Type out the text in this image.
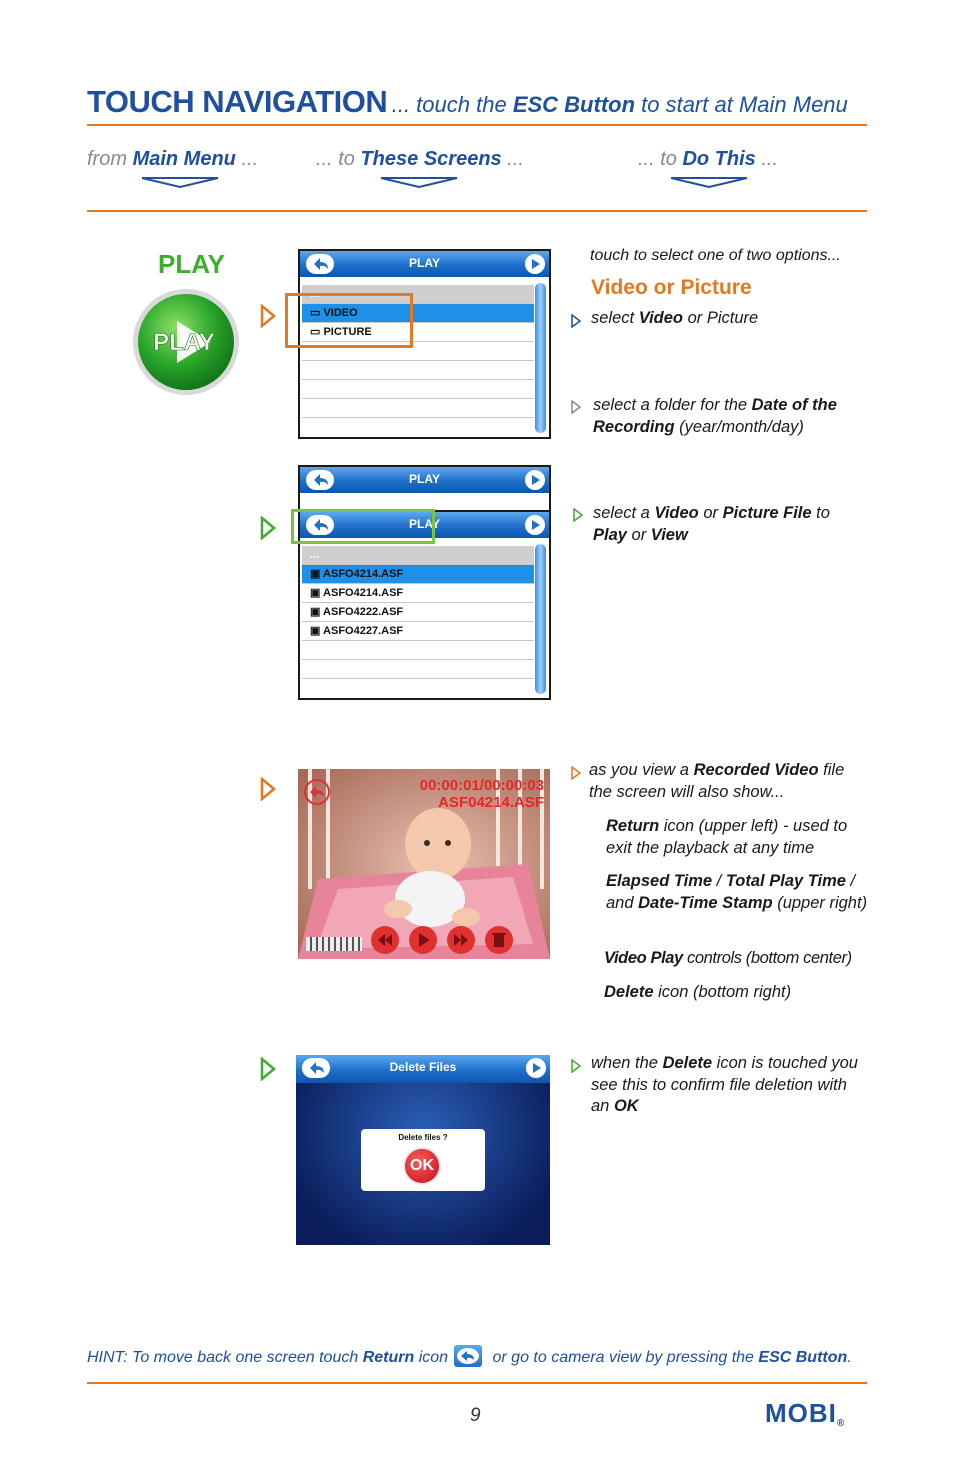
TOUCH NAVIGATION ... touch the ESC Button to start at Main Menu
from Main Menu ...	... to These Screens ...	... to Do This ...
PLAY
PLAY
PLAY
...
▭ VIDEO
▭ PICTURE
PLAY
PLAY
...
▣ ASFO4214.ASF
▣ ASFO4214.ASF
▣ ASFO4222.ASF
▣ ASFO4227.ASF
00:00:01/00:00:03
ASF04214.ASF
Delete Files
Delete files ?
OK
touch to select one of two options...
Video or Picture
select Video or Picture
select a folder for the Date of the Recording (year/month/day)
select a Video or Picture File to Play or View
as you view a Recorded Video file the screen will also show...
Return icon (upper left) - used to exit the playback at any time
Elapsed Time / Total Play Time / and Date-Time Stamp (upper right)
Video Play controls (bottom center)
Delete icon (bottom right)
when the Delete icon is touched you see this to confirm file deletion with an OK
HINT: To move back one screen touch Return icon	or go to camera view by pressing the ESC Button.
9	MOBI®
